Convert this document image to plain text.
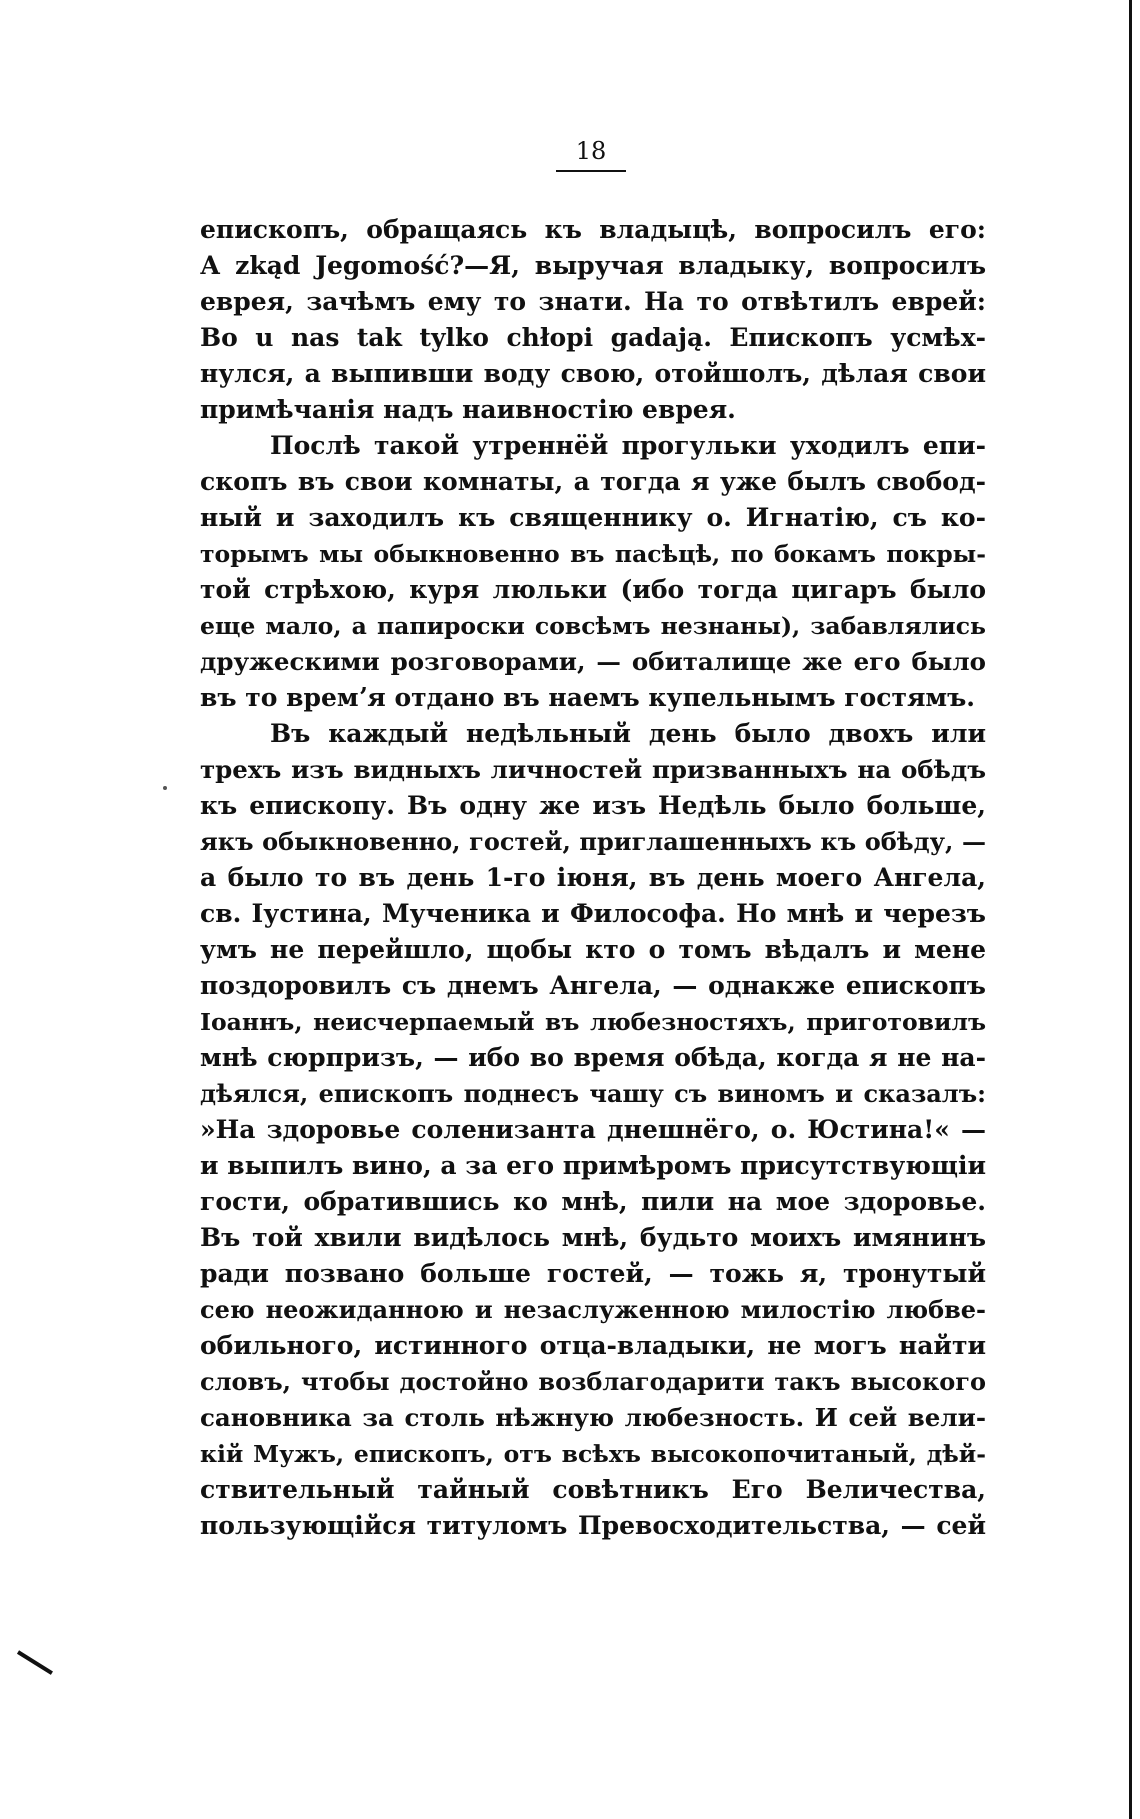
18
епископъ, обращаясь къ владыцѣ, вопросилъ его:
А zkąd Jegomość?—Я, выручая владыку, вопросилъ
еврея, зачѣмъ ему то знати. На то отвѣтилъ еврей:
Bo u nas tak tylko chłopi gadają. Епископъ усмѣх-
нулся, а выпивши воду свою, отойшолъ, дѣлая свои
примѣчанія надъ наивностію еврея.
Послѣ такой утреннёй прогульки уходилъ епи-
скопъ въ свои комнаты, а тогда я уже былъ свобод-
ный и заходилъ къ священнику о. Игнатію, съ ко-
торымъ мы обыкновенно въ пасѣцѣ, по бокамъ покры-
той стрѣхою, куря люльки (ибо тогда цигаръ было
еще мало, а папироски совсѣмъ незнаны), забавлялись
дружескими розговорами, — обиталище же его было
въ то времʼя отдано въ наемъ купельнымъ гостямъ.
Въ каждый недѣльный день было двохъ или
трехъ изъ видныхъ личностей призванныхъ на обѣдъ
къ епископу. Въ одну же изъ Недѣль было больше,
якъ обыкновенно, гостей, приглашенныхъ къ обѣду, —
а было то въ день 1-го іюня, въ день моего Ангела,
св. Іустина, Мученика и Философа. Но мнѣ и черезъ
умъ не перейшло, щобы кто о томъ вѣдалъ и мене
поздоровилъ съ днемъ Ангела, — однакже епископъ
Іоаннъ, неисчерпаемый въ любезностяхъ, приготовилъ
мнѣ сюрпризъ, — ибо во время обѣда, когда я не на-
дѣялся, епископъ поднесъ чашу съ виномъ и сказалъ:
»На здоровье соленизанта днешнёго, о. Юстина!« —
и выпилъ вино, а за его примѣромъ присутствующіи
гости, обратившись ко мнѣ, пили на мое здоровье.
Въ той хвили видѣлось мнѣ, будьто моихъ имянинъ
ради позвано больше гостей, — тожь я, тронутый
сею неожиданною и незаслуженною милостію любве-
обильного, истинного отца-владыки, не могъ найти
словъ, чтобы достойно возблагодарити такъ высокого
сановника за столь нѣжную любезность. И сей вели-
кій Мужъ, епископъ, отъ всѣхъ высокопочитаный, дѣй-
ствительный тайный совѣтникъ Его Величества,
пользующійся титуломъ Превосходительства, — сей
